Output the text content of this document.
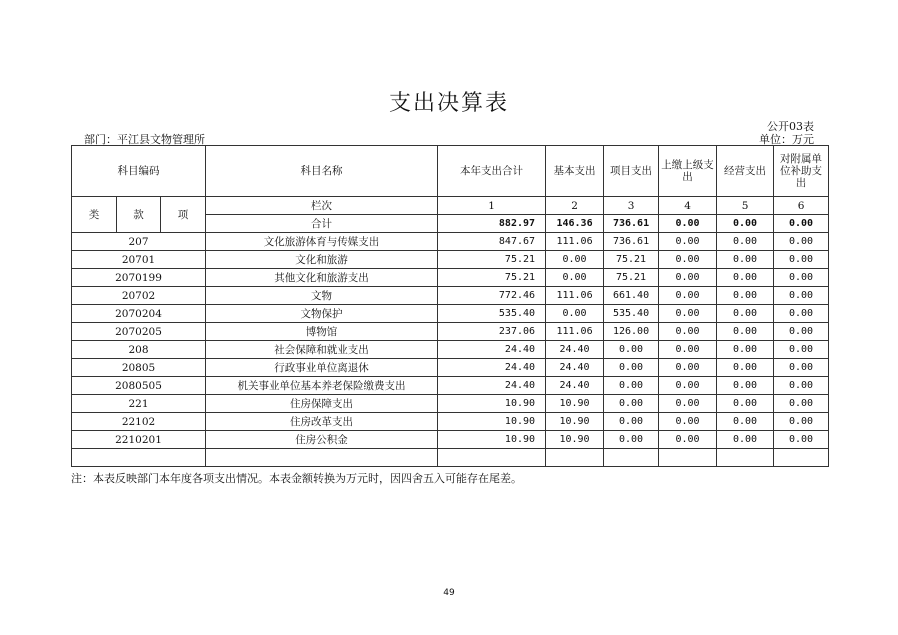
支出决算表
公开03表
部门：平江县文物管理所	单位：万元
科目编码			科目名称	本年支出合计	基本支出	项目支出	上缴上级支出	经营支出	对附属单位补助支出
类	款	项	栏次	1	2	3	4	5	6
			合计	882.97	146.36	736.61	0.00	0.00	0.00
207			文化旅游体育与传媒支出	847.67	111.06	736.61	0.00	0.00	0.00
20701			文化和旅游	75.21	0.00	75.21	0.00	0.00	0.00
2070199			其他文化和旅游支出	75.21	0.00	75.21	0.00	0.00	0.00
20702			文物	772.46	111.06	661.40	0.00	0.00	0.00
2070204			文物保护	535.40	0.00	535.40	0.00	0.00	0.00
2070205			博物馆	237.06	111.06	126.00	0.00	0.00	0.00
208			社会保障和就业支出	24.40	24.40	0.00	0.00	0.00	0.00
20805			行政事业单位离退休	24.40	24.40	0.00	0.00	0.00	0.00
2080505			机关事业单位基本养老保险缴费支出	24.40	24.40	0.00	0.00	0.00	0.00
221			住房保障支出	10.90	10.90	0.00	0.00	0.00	0.00
22102			住房改革支出	10.90	10.90	0.00	0.00	0.00	0.00
2210201			住房公积金	10.90	10.90	0.00	0.00	0.00	0.00

注：本表反映部门本年度各项支出情况。本表金额转换为万元时，因四舍五入可能存在尾差。
49
